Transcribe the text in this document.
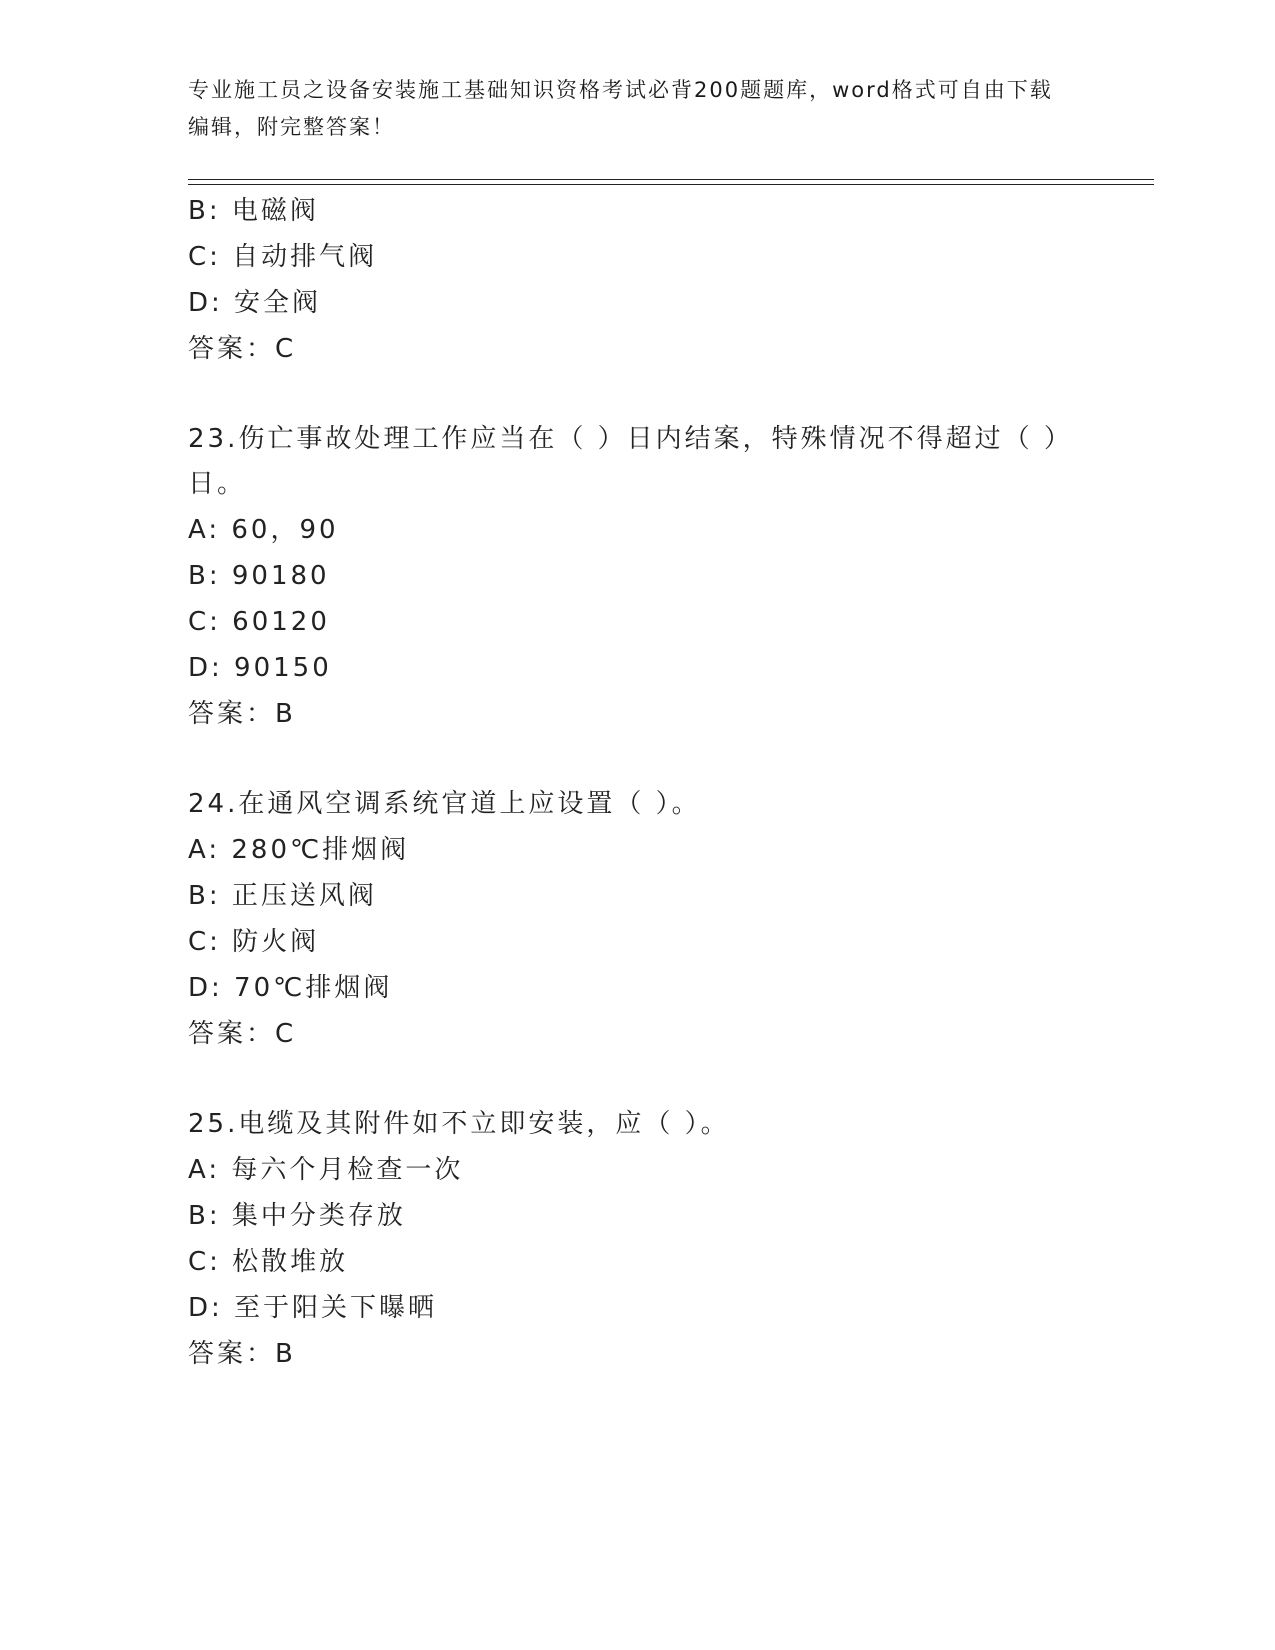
专业施工员之设备安装施工基础知识资格考试必背200题题库，word格式可自由下载编辑，附完整答案！
B: 电磁阀
C: 自动排气阀
D: 安全阀
答案：C
23.伤亡事故处理工作应当在（ ）日内结案，特殊情况不得超过（ ）日。
A: 60，90
B: 90180
C: 60120
D: 90150
答案：B
24.在通风空调系统官道上应设置（ ）。
A: 280℃排烟阀
B: 正压送风阀
C: 防火阀
D: 70℃排烟阀
答案：C
25.电缆及其附件如不立即安装，应（ ）。
A: 每六个月检查一次
B: 集中分类存放
C: 松散堆放
D: 至于阳关下曝晒
答案：B
